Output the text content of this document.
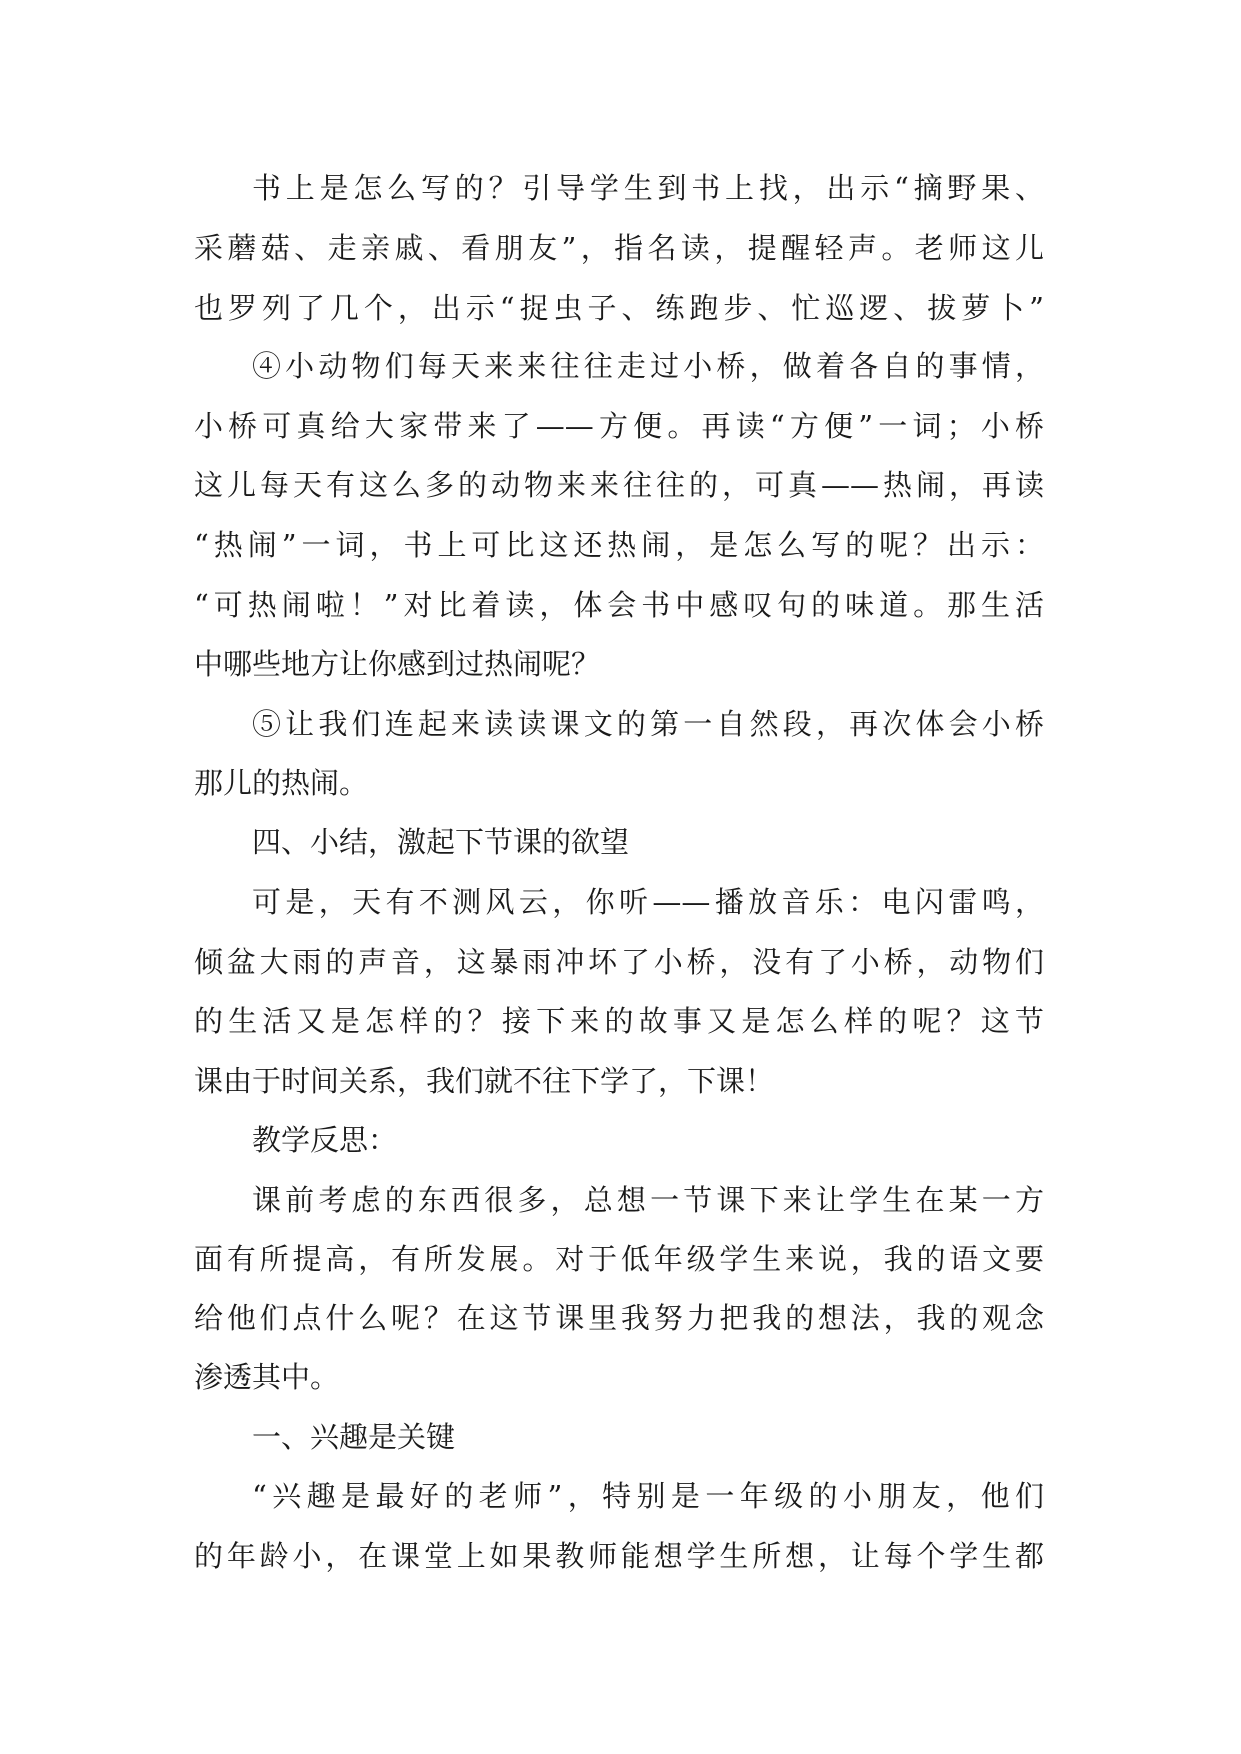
书上是怎么写的？引导学生到书上找，出示“摘野果、

采蘑菇、走亲戚、看朋友”，指名读，提醒轻声。老师这儿

也罗列了几个，出示“捉虫子、练跑步、忙巡逻、拔萝卜”

④小动物们每天来来往往走过小桥，做着各自的事情，

小桥可真给大家带来了——方便。再读“方便”一词；小桥

这儿每天有这么多的动物来来往往的，可真——热闹，再读

“热闹”一词，书上可比这还热闹，是怎么写的呢？出示：

“可热闹啦！”对比着读，体会书中感叹句的味道。那生活

中哪些地方让你感到过热闹呢？

⑤让我们连起来读读课文的第一自然段，再次体会小桥

那儿的热闹。

四、小结，激起下节课的欲望

可是，天有不测风云，你听——播放音乐：电闪雷鸣，

倾盆大雨的声音，这暴雨冲坏了小桥，没有了小桥，动物们

的生活又是怎样的？接下来的故事又是怎么样的呢？这节

课由于时间关系，我们就不往下学了，下课！

教学反思：

课前考虑的东西很多，总想一节课下来让学生在某一方

面有所提高，有所发展。对于低年级学生来说，我的语文要

给他们点什么呢？在这节课里我努力把我的想法，我的观念

渗透其中。

一、兴趣是关键

“兴趣是最好的老师”，特别是一年级的小朋友，他们

的年龄小，在课堂上如果教师能想学生所想，让每个学生都
